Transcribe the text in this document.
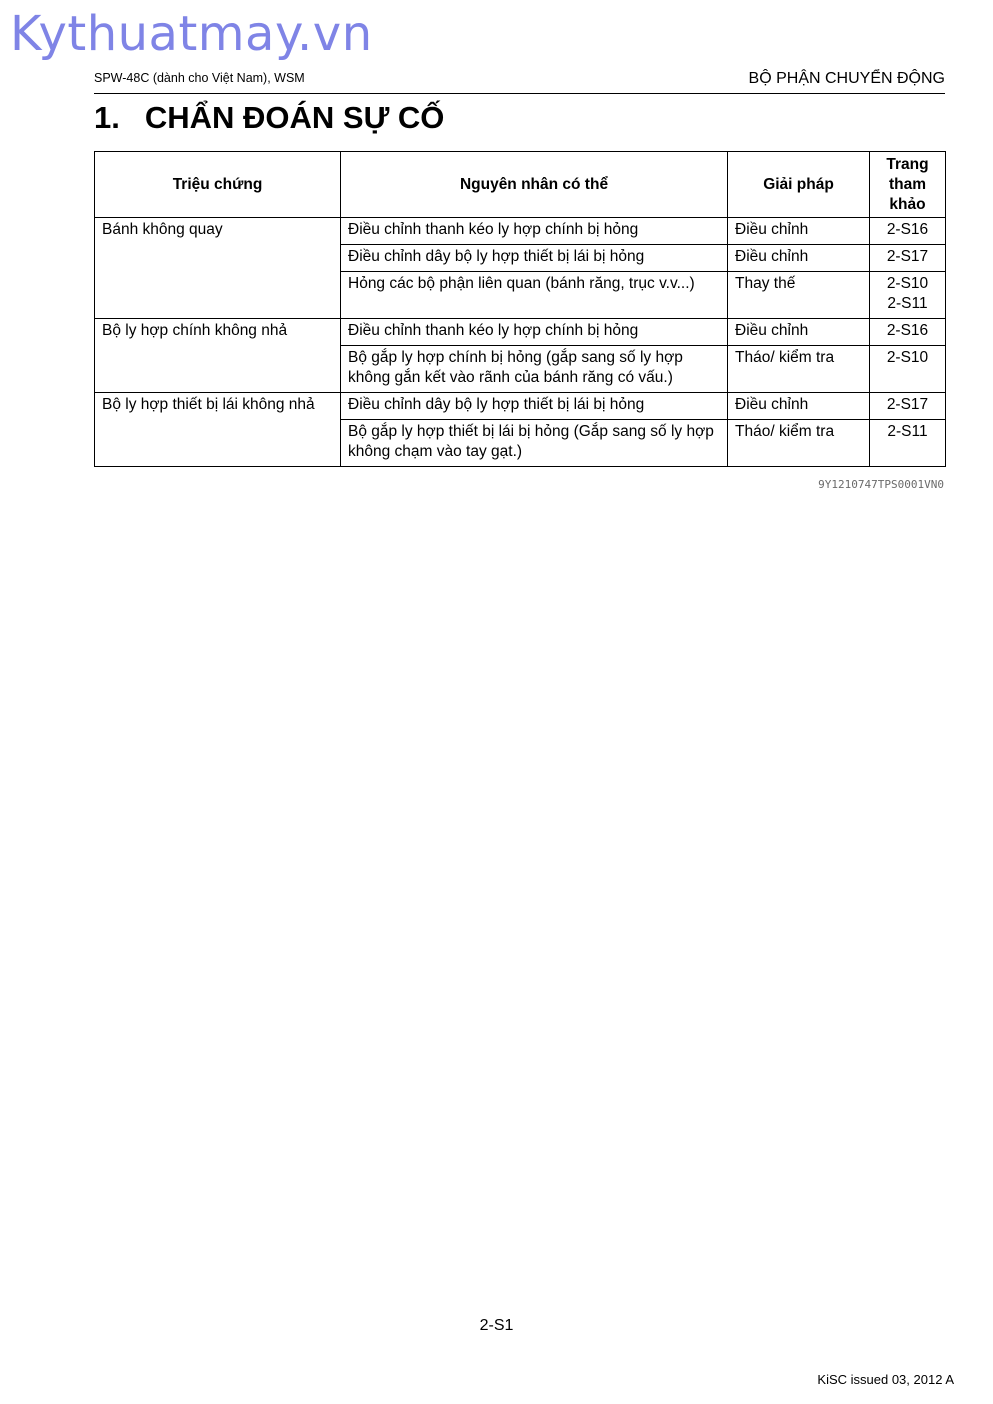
Kythuatmay.vn
SPW-48C (dành cho Việt Nam), WSM	BỘ PHẬN CHUYỂN ĐỘNG
1. CHẨN ĐOÁN SỰ CỐ
Triệu chứng	Nguyên nhân có thể	Giải pháp	Trang
tham
khảo

Bánh không quay	Điều chỉnh thanh kéo ly hợp chính bị hỏng	Điều chỉnh	2-S16

	Điều chỉnh dây bộ ly hợp thiết bị lái bị hỏng	Điều chỉnh	2-S17

	Hỏng các bộ phận liên quan (bánh răng, trục v.v...)	Thay thế	2-S10
2-S11

Bộ ly hợp chính không nhả	Điều chỉnh thanh kéo ly hợp chính bị hỏng	Điều chỉnh	2-S16

	Bộ gắp ly hợp chính bị hỏng (gắp sang số ly hợp không gắn kết vào rãnh của bánh răng có vấu.)	Tháo/ kiểm tra	2-S10

Bộ ly hợp thiết bị lái không nhả	Điều chỉnh dây bộ ly hợp thiết bị lái bị hỏng	Điều chỉnh	2-S17

	Bộ gắp ly hợp thiết bị lái bị hỏng (Gắp sang số ly hợp không chạm vào tay gạt.)	Tháo/ kiểm tra	2-S11
9Y1210747TPS0001VN0
2-S1
KiSC issued 03, 2012 A
